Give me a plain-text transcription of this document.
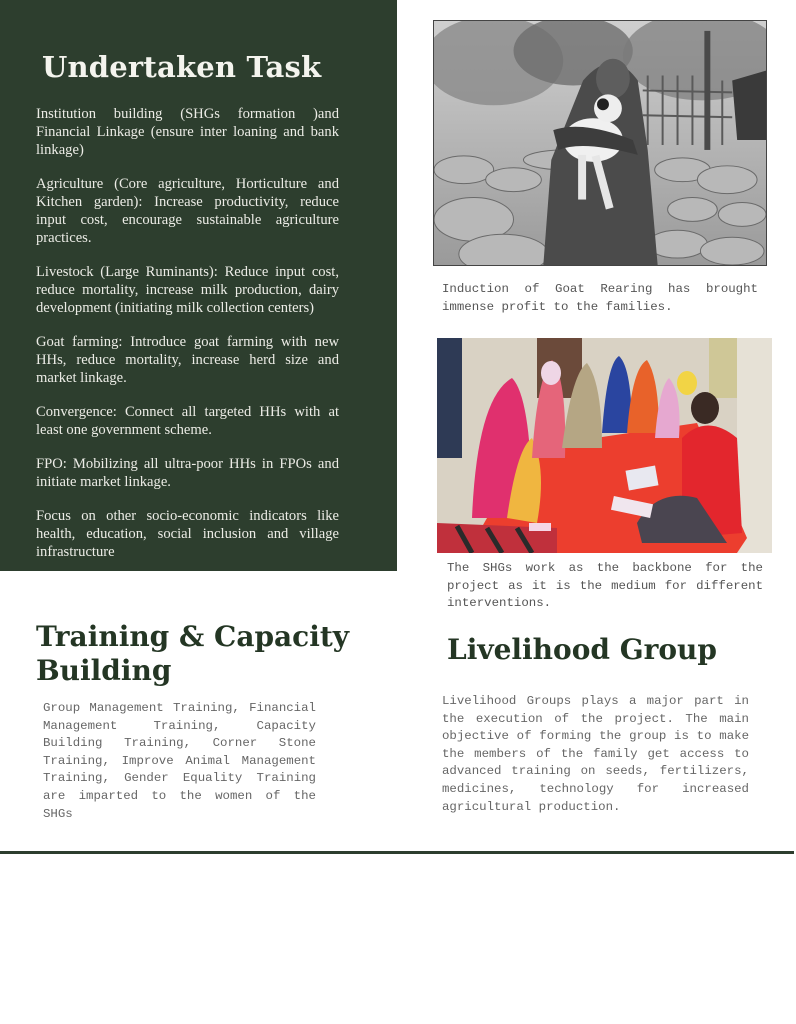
Undertaken Task

Institution building (SHGs formation )and Financial Linkage (ensure inter loaning and bank linkage)

Agriculture (Core agriculture, Horticulture and Kitchen garden): Increase productivity, reduce input cost, encourage sustainable agriculture practices.

Livestock (Large Ruminants): Reduce input cost, reduce mortality, increase milk production, dairy development (initiating milk collection centers)

Goat farming: Introduce goat farming with new HHs, reduce mortality, increase herd size and market linkage.

Convergence: Connect all targeted HHs with at least one government scheme.

FPO: Mobilizing all ultra-poor HHs in FPOs and initiate market linkage.

Focus on other socio-economic indicators like health, education, social inclusion and village infrastructure

Induction of Goat Rearing has brought immense profit to the families.

The SHGs work as the backbone for the project as it is the medium for different interventions.

Training & Capacity Building

Group Management Training, Financial Management Training, Capacity Building Training, Corner Stone Training, Improve Animal Management Training, Gender Equality Training are imparted to the women of the SHGs

Livelihood Group

Livelihood Groups plays a major part in the execution of the project. The main objective of forming the group is to make the members of the family get access to advanced training on seeds, fertilizers, medicines, technology for increased agricultural production.
